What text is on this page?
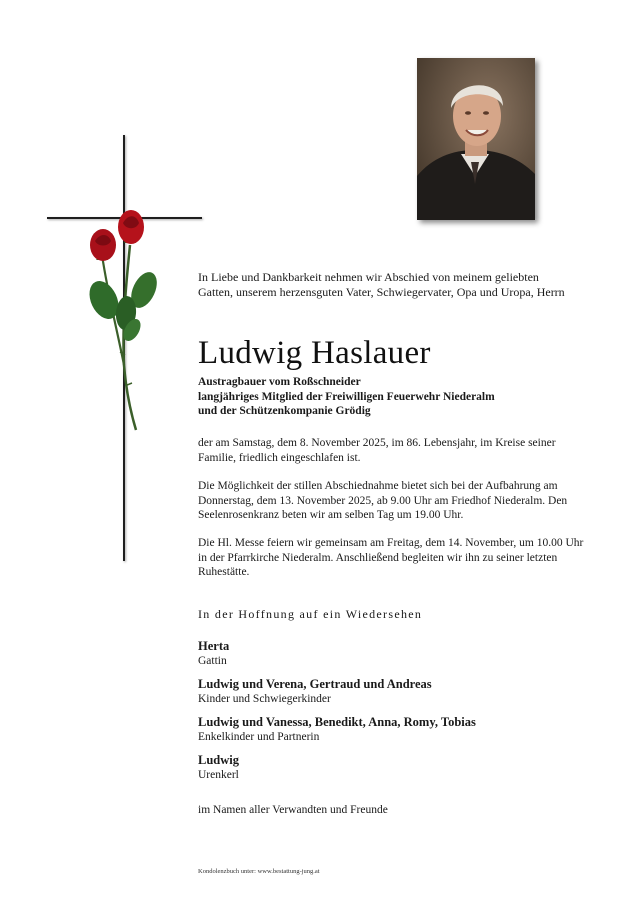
In Liebe und Dankbarkeit nehmen wir Abschied von meinem geliebten Gatten, unserem herzensguten Vater, Schwiegervater, Opa und Uropa, Herrn
Ludwig Haslauer
Austragbauer vom Roßschneider
langjähriges Mitglied der Freiwilligen Feuerwehr Niederalm
und der Schützenkompanie Grödig
der am Samstag, dem 8. November 2025, im 86. Lebensjahr, im Kreise seiner Familie, friedlich eingeschlafen ist.
Die Möglichkeit der stillen Abschiednahme bietet sich bei der Aufbahrung am Donnerstag, dem 13. November 2025, ab 9.00 Uhr am Friedhof Niederalm. Den Seelenrosenkranz beten wir am selben Tag um 19.00 Uhr.
Die Hl. Messe feiern wir gemeinsam am Freitag, dem 14. November, um 10.00 Uhr in der Pfarrkirche Niederalm. Anschließend begleiten wir ihn zu seiner letzten Ruhestätte.
In der Hoffnung auf ein Wiedersehen
Herta
Gattin
Ludwig und Verena, Gertraud und Andreas
Kinder und Schwiegerkinder
Ludwig und Vanessa, Benedikt, Anna, Romy, Tobias
Enkelkinder und Partnerin
Ludwig
Urenkerl
im Namen aller Verwandten und Freunde
Kondolenzbuch unter: www.bestattung-jung.at
